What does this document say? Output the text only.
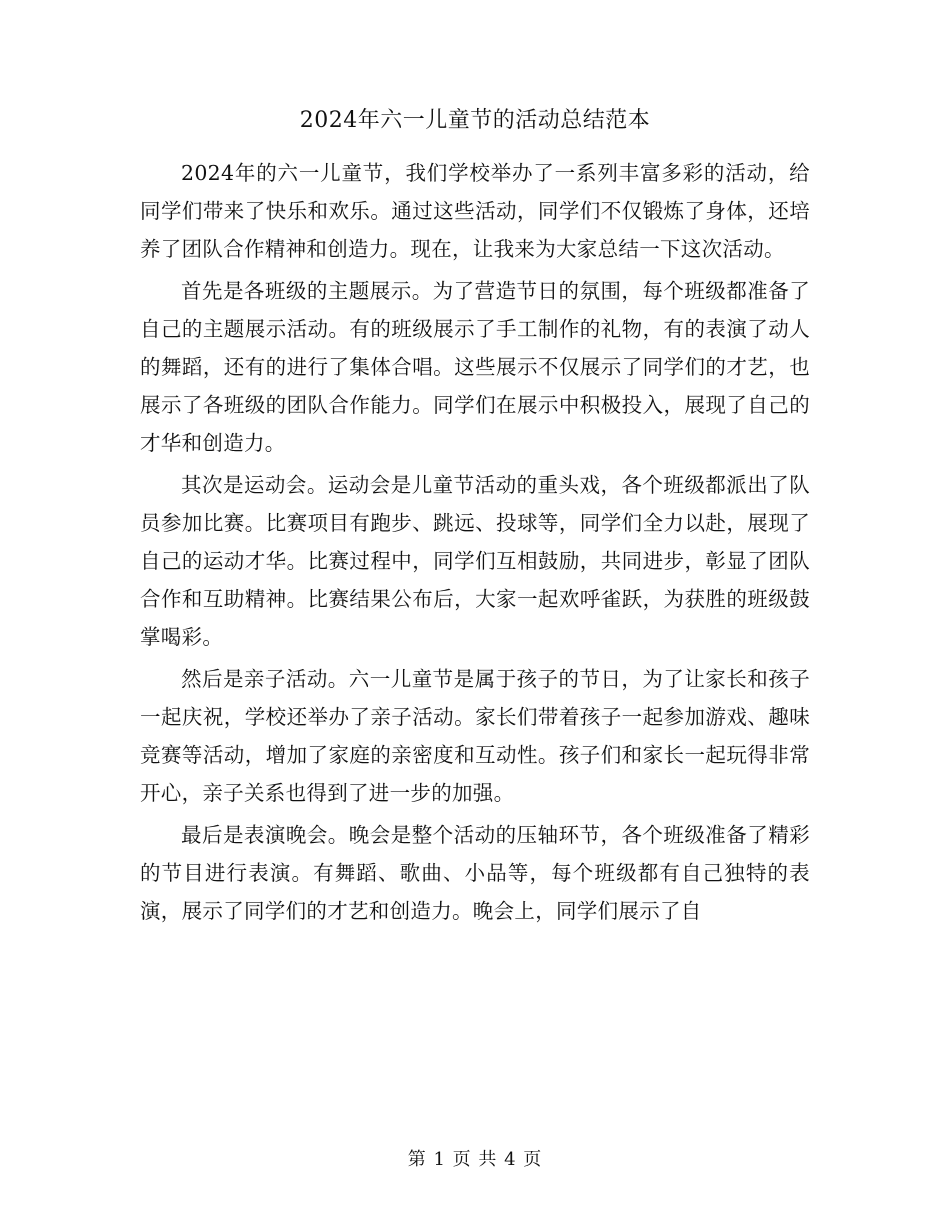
2024年六一儿童节的活动总结范本

2024年的六一儿童节，我们学校举办了一系列丰富多彩的活动，给同学们带来了快乐和欢乐。通过这些活动，同学们不仅锻炼了身体，还培养了团队合作精神和创造力。现在，让我来为大家总结一下这次活动。

首先是各班级的主题展示。为了营造节日的氛围，每个班级都准备了自己的主题展示活动。有的班级展示了手工制作的礼物，有的表演了动人的舞蹈，还有的进行了集体合唱。这些展示不仅展示了同学们的才艺，也展示了各班级的团队合作能力。同学们在展示中积极投入，展现了自己的才华和创造力。

其次是运动会。运动会是儿童节活动的重头戏，各个班级都派出了队员参加比赛。比赛项目有跑步、跳远、投球等，同学们全力以赴，展现了自己的运动才华。比赛过程中，同学们互相鼓励，共同进步，彰显了团队合作和互助精神。比赛结果公布后，大家一起欢呼雀跃，为获胜的班级鼓掌喝彩。

然后是亲子活动。六一儿童节是属于孩子的节日，为了让家长和孩子一起庆祝，学校还举办了亲子活动。家长们带着孩子一起参加游戏、趣味竞赛等活动，增加了家庭的亲密度和互动性。孩子们和家长一起玩得非常开心，亲子关系也得到了进一步的加强。

最后是表演晚会。晚会是整个活动的压轴环节，各个班级准备了精彩的节目进行表演。有舞蹈、歌曲、小品等，每个班级都有自己独特的表演，展示了同学们的才艺和创造力。晚会上，同学们展示了自

第 1 页 共 4 页
